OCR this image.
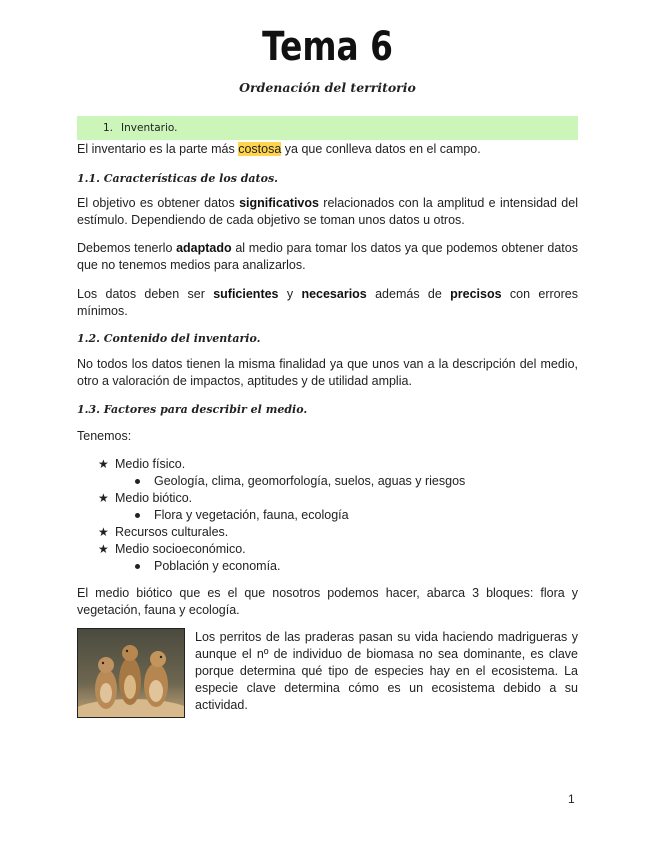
Tema 6
Ordenación del territorio
1. Inventario.

El inventario es la parte más costosa ya que conlleva datos en el campo.

1.1. Características de los datos.

El objetivo es obtener datos significativos relacionados con la amplitud e intensidad del estímulo. Dependiendo de cada objetivo se toman unos datos u otros.

Debemos tenerlo adaptado al medio para tomar los datos ya que podemos obtener datos que no tenemos medios para analizarlos.

Los datos deben ser suficientes y necesarios además de precisos con errores mínimos.

1.2. Contenido del inventario.

No todos los datos tienen la misma finalidad ya que unos van a la descripción del medio, otro a valoración de impactos, aptitudes y de utilidad amplia.

1.3. Factores para describir el medio.

Tenemos:

★ Medio físico.
Geología, clima, geomorfología, suelos, aguas y riesgos
★ Medio biótico.
Flora y vegetación, fauna, ecología
★ Recursos culturales.
★ Medio socioeconómico.
Población y economía.

El medio biótico que es el que nosotros podemos hacer, abarca 3 bloques: flora y vegetación, fauna y ecología.

Los perritos de las praderas pasan su vida haciendo madrigueras y aunque el nº de individuo de biomasa no sea dominante, es clave porque determina qué tipo de especies hay en el ecosistema. La especie clave determina cómo es un ecosistema debido a su actividad.

1
